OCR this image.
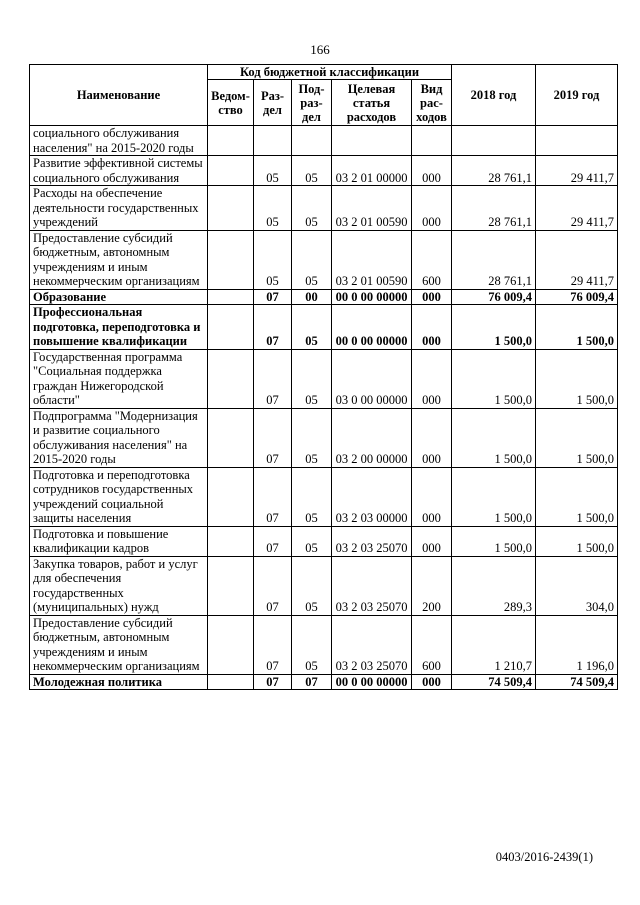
166
Наименование	Код бюджетной классификации					2018 год	2019 год
	Ведом-ство	Раз-дел	Под-раз-дел	Целевая статья расходов	Вид рас-ходов		
социального обслуживания населения" на 2015-2020 годы							
Развитие эффективной системы социального обслуживания		05	05	03 2 01 00000	000	28 761,1	29 411,7
Расходы на обеспечение деятельности государственных учреждений		05	05	03 2 01 00590	000	28 761,1	29 411,7
Предоставление субсидий бюджетным, автономным учреждениям и иным некоммерческим организациям		05	05	03 2 01 00590	600	28 761,1	29 411,7
Образование		07	00	00 0 00 00000	000	76 009,4	76 009,4
Профессиональная подготовка, переподготовка и повышение квалификации		07	05	00 0 00 00000	000	1 500,0	1 500,0
Государственная программа "Социальная поддержка граждан Нижегородской области"		07	05	03 0 00 00000	000	1 500,0	1 500,0
Подпрограмма "Модернизация и развитие социального обслуживания населения" на 2015-2020 годы		07	05	03 2 00 00000	000	1 500,0	1 500,0
Подготовка и переподготовка сотрудников государственных учреждений социальной защиты населения		07	05	03 2 03 00000	000	1 500,0	1 500,0
Подготовка и повышение квалификации кадров		07	05	03 2 03 25070	000	1 500,0	1 500,0
Закупка товаров, работ и услуг для обеспечения государственных (муниципальных) нужд		07	05	03 2 03 25070	200	289,3	304,0
Предоставление субсидий бюджетным, автономным учреждениям и иным некоммерческим организациям		07	05	03 2 03 25070	600	1 210,7	1 196,0
Молодежная политика		07	07	00 0 00 00000	000	74 509,4	74 509,4
0403/2016-2439(1)
